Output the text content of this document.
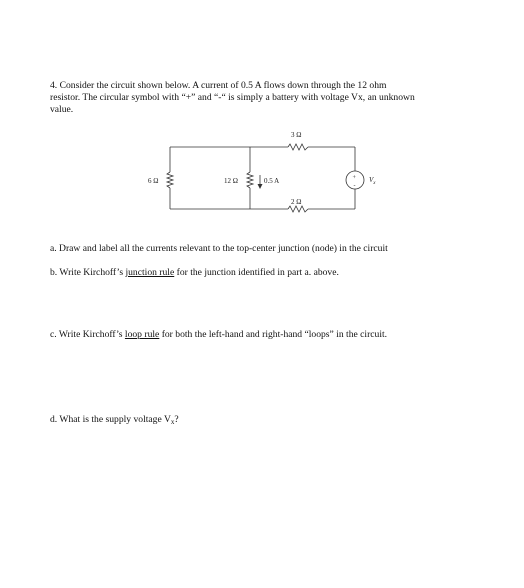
4. Consider the circuit shown below. A current of 0.5 A flows down through the 12 ohm
resistor. The circular symbol with “+” and “-“ is simply a battery with voltage Vx, an unknown
value.
3 Ω
6 Ω	12 Ω	0.5 A
2 Ω
+
-
$V_x$
a. Draw and label all the currents relevant to the top-center junction (node) in the circuit
b. Write Kirchoff’s junction rule for the junction identified in part a. above.
c. Write Kirchoff’s loop rule for both the left-hand and right-hand “loops” in the circuit.
d. What is the supply voltage $V_x$?
